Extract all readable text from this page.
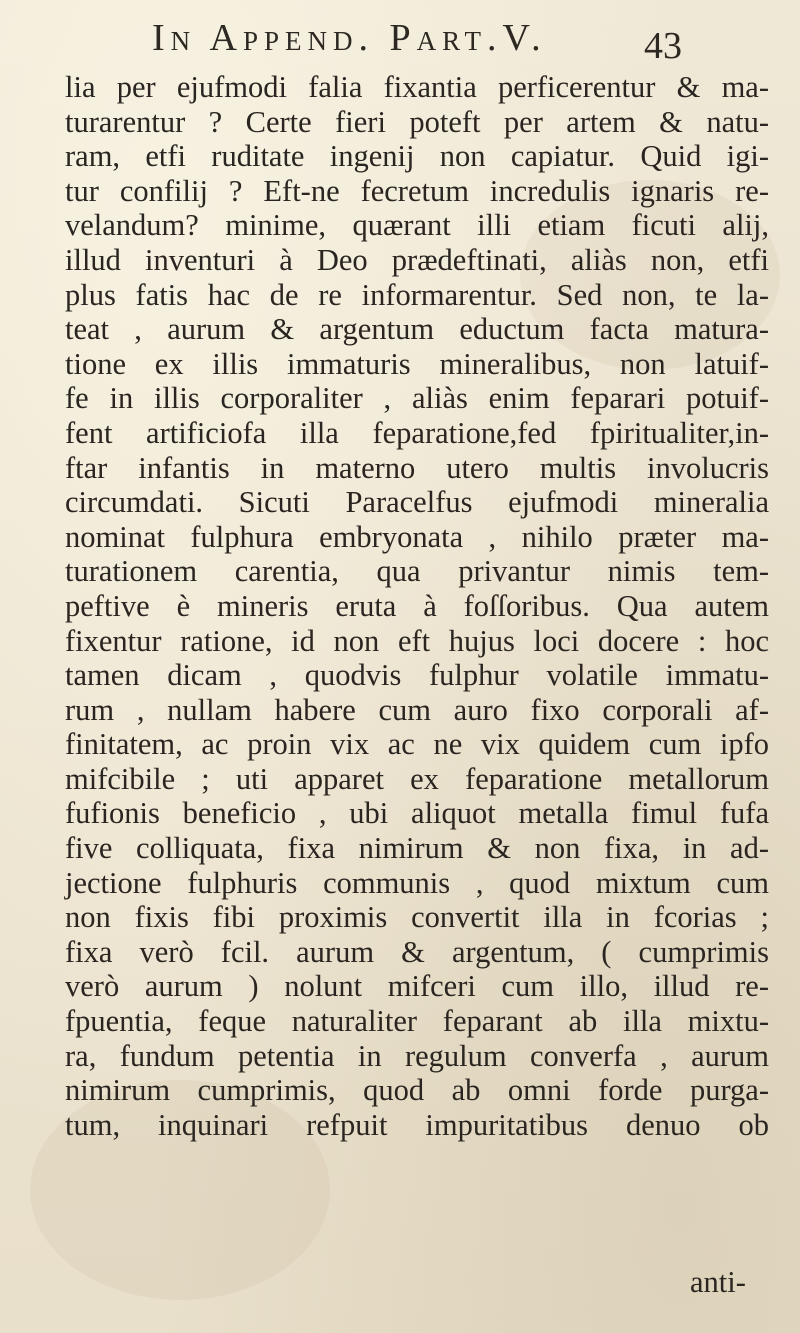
In Append. Part.V.	43
lia per ejufmodi falia fixantia perficerentur & ma-
turarentur ? Certe fieri poteft per artem & natu-
ram, etfi ruditate ingenij non capiatur. Quid igi-
tur confilij ? Eft-ne fecretum incredulis ignaris re-
velandum? minime, quærant illi etiam ficuti alij,
illud inventuri à Deo prædeftinati, aliàs non, etfi
plus fatis hac de re informarentur. Sed non, te la-
teat , aurum & argentum eductum facta matura-
tione ex illis immaturis mineralibus, non latuif-
fe in illis corporaliter , aliàs enim feparari potuif-
fent artificiofa illa feparatione,fed fpiritualiter,in-
ftar infantis in materno utero multis involucris
circumdati. Sicuti Paracelfus ejufmodi mineralia
nominat fulphura embryonata , nihilo præter ma-
turationem carentia, qua privantur nimis tem-
peftive è mineris eruta à foſſoribus. Qua autem
fixentur ratione, id non eft hujus loci docere : hoc
tamen dicam , quodvis fulphur volatile immatu-
rum , nullam habere cum auro fixo corporali af-
finitatem, ac proin vix ac ne vix quidem cum ipfo
mifcibile ; uti apparet ex feparatione metallorum
fufionis beneficio , ubi aliquot metalla fimul fufa
five colliquata, fixa nimirum & non fixa, in ad-
jectione fulphuris communis , quod mixtum cum
non fixis fibi proximis convertit illa in fcorias ;
fixa verò fcil. aurum & argentum, ( cumprimis
verò aurum ) nolunt mifceri cum illo, illud re-
fpuentia, feque naturaliter feparant ab illa mixtu-
ra, fundum petentia in regulum converfa , aurum
nimirum cumprimis, quod ab omni forde purga-
tum, inquinari refpuit impuritatibus denuo ob
anti-
